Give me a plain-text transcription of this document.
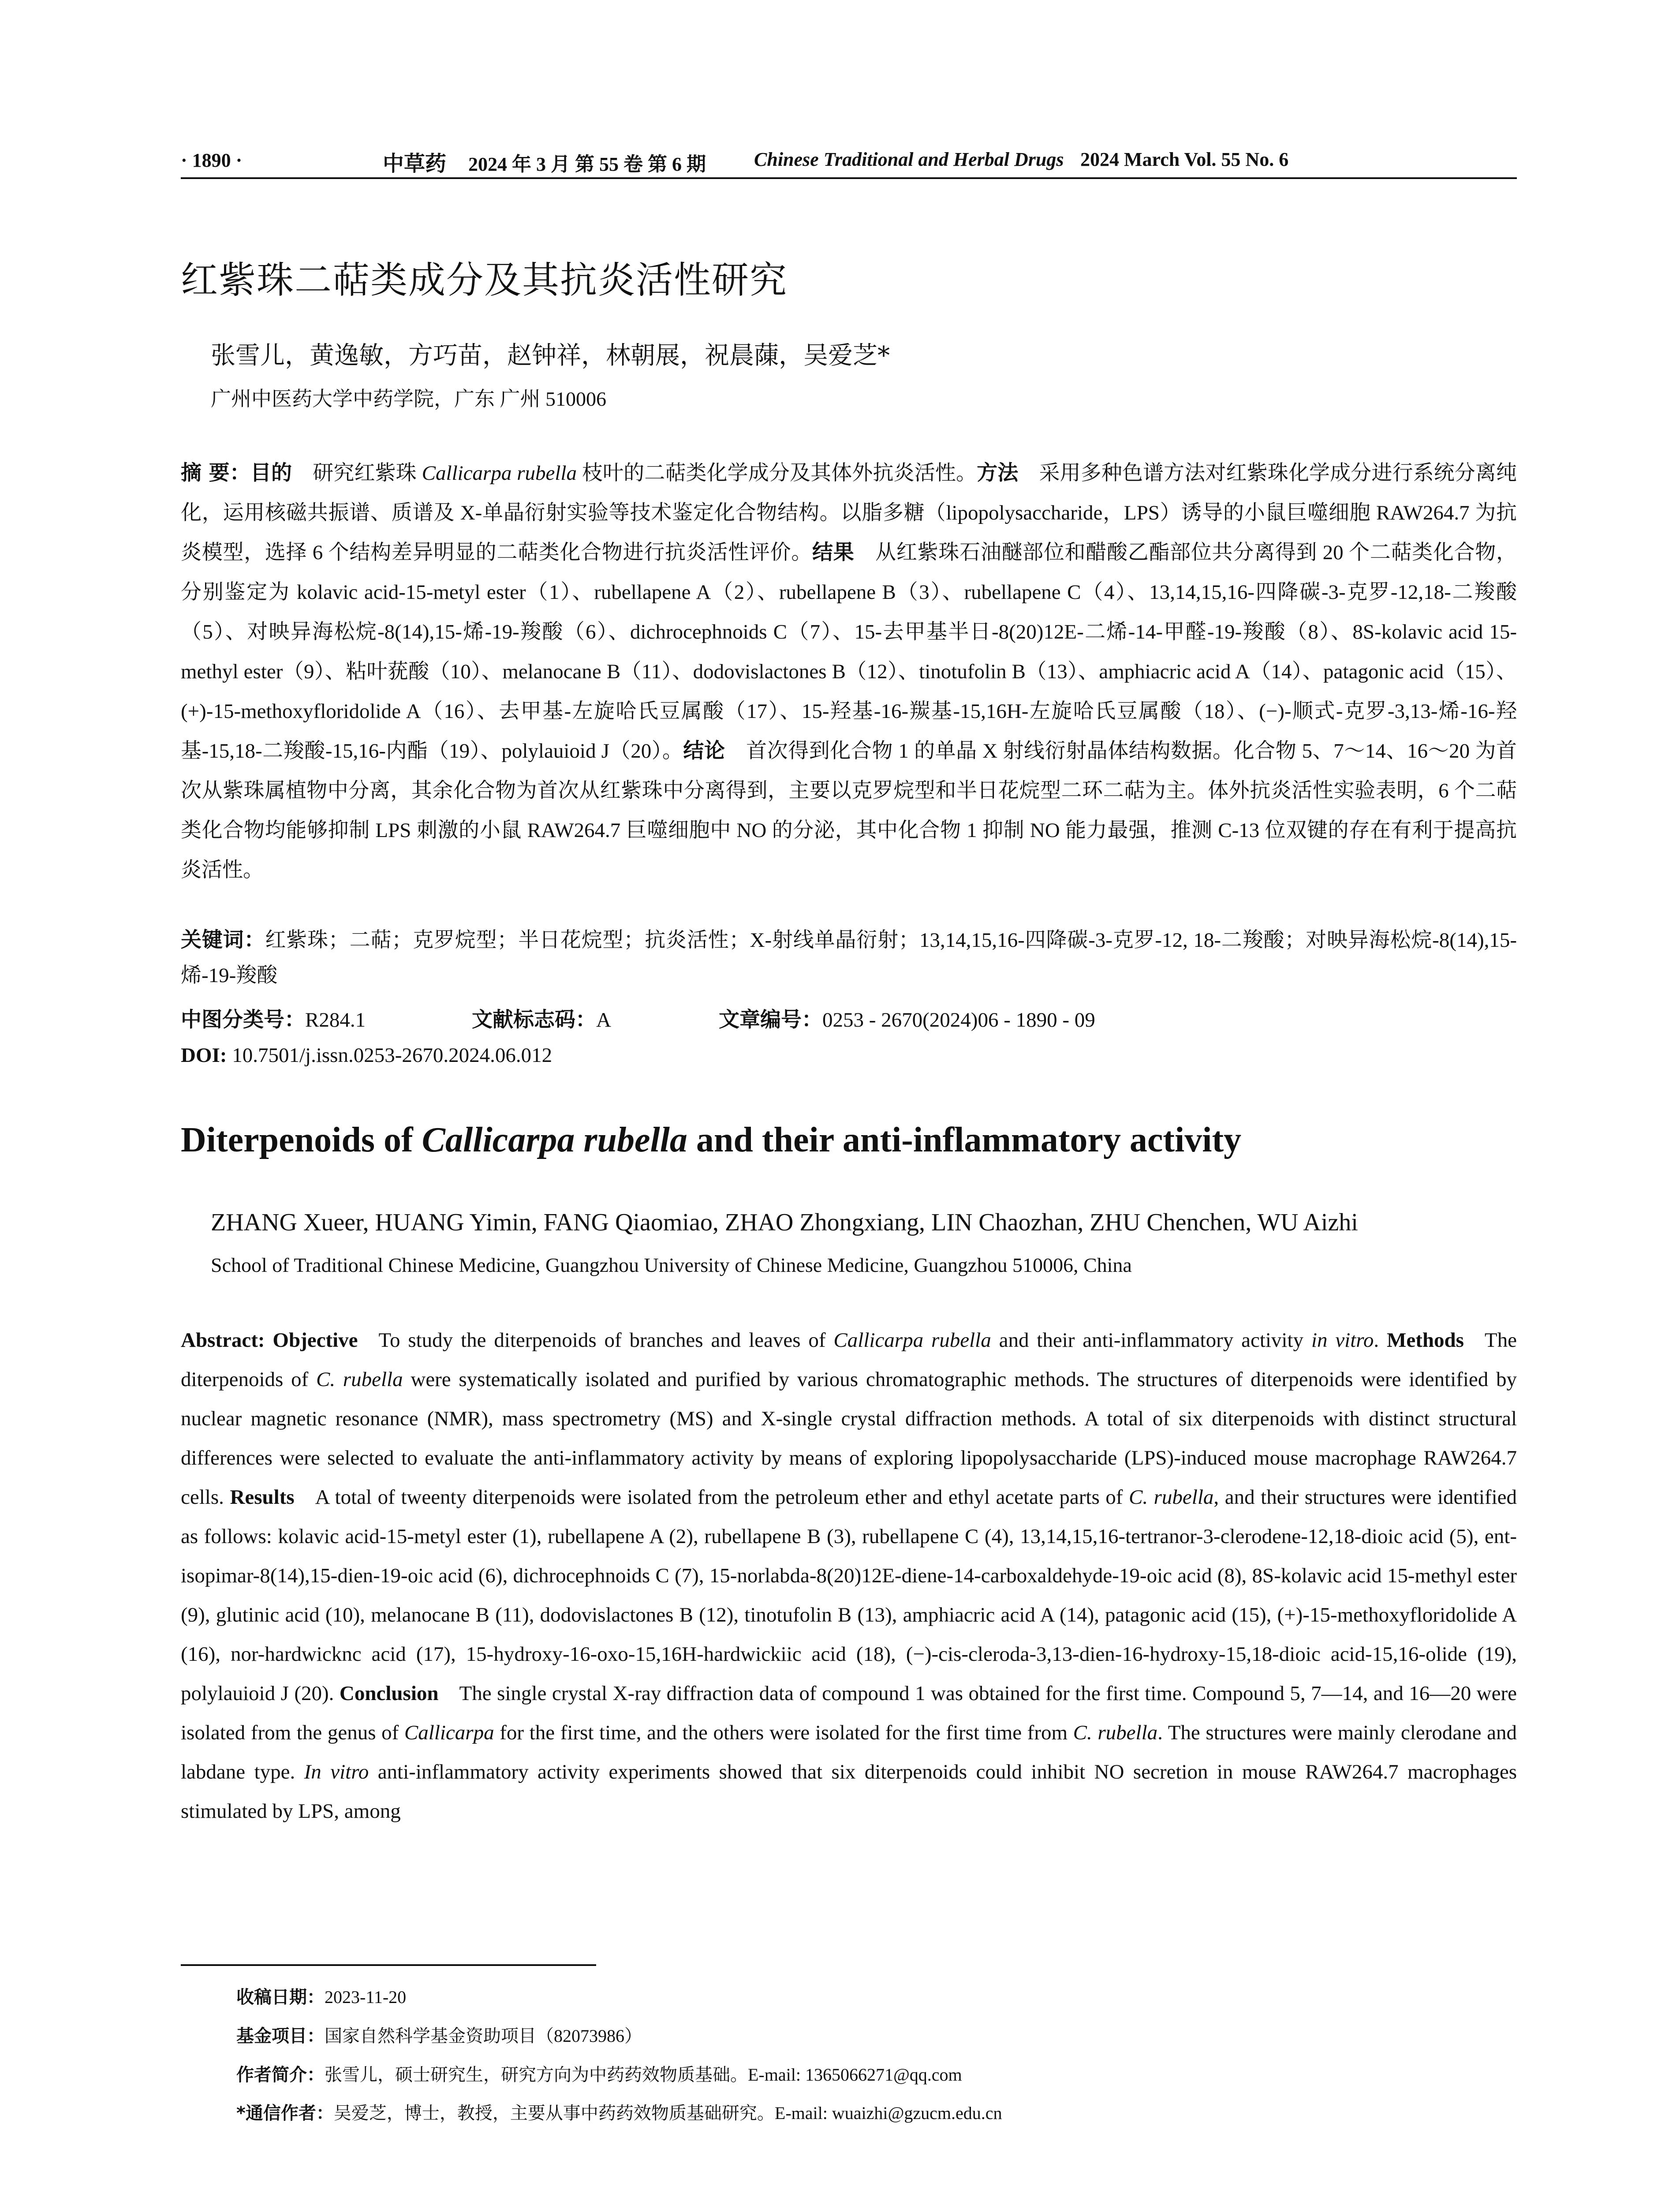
· 1890 ·	中草药 2024 年 3 月 第 55 卷 第 6 期 Chinese Traditional and Herbal Drugs 2024 March Vol. 55 No. 6
红紫珠二萜类成分及其抗炎活性研究
张雪儿，黄逸敏，方巧苗，赵钟祥，林朝展，祝晨蔯，吴爱芝*
广州中医药大学中药学院，广东 广州 510006
摘 要：目的  研究红紫珠 Callicarpa rubella 枝叶的二萜类化学成分及其体外抗炎活性。方法  采用多种色谱方法对红紫珠化学成分进行系统分离纯化，运用核磁共振谱、质谱及 X-单晶衍射实验等技术鉴定化合物结构。以脂多糖（lipopolysaccharide，LPS）诱导的小鼠巨噬细胞 RAW264.7 为抗炎模型，选择 6 个结构差异明显的二萜类化合物进行抗炎活性评价。结果  从红紫珠石油醚部位和醋酸乙酯部位共分离得到 20 个二萜类化合物，分别鉴定为 kolavic acid-15-metyl ester（1）、rubellapene A（2）、rubellapene B（3）、rubellapene C（4）、13,14,15,16-四降碳-3-克罗-12,18-二羧酸（5）、对映异海松烷-8(14),15-烯-19-羧酸（6）、dichrocephnoids C（7）、15-去甲基半日-8(20)12E-二烯-14-甲醛-19-羧酸（8）、8S-kolavic acid 15-methyl ester（9）、粘叶莸酸（10）、melanocane B（11）、dodovislactones B（12）、tinotufolin B（13）、amphiacric acid A（14）、patagonic acid（15）、(+)-15-methoxyfloridolide A（16）、去甲基-左旋哈氏豆属酸（17）、15-羟基-16-羰基-15,16H-左旋哈氏豆属酸（18）、(−)-顺式-克罗-3,13-烯-16-羟基-15,18-二羧酸-15,16-内酯（19）、polylauioid J（20）。结论  首次得到化合物 1 的单晶 X 射线衍射晶体结构数据。化合物 5、7～14、16～20 为首次从紫珠属植物中分离，其余化合物为首次从红紫珠中分离得到，主要以克罗烷型和半日花烷型二环二萜为主。体外抗炎活性实验表明，6 个二萜类化合物均能够抑制 LPS 刺激的小鼠 RAW264.7 巨噬细胞中 NO 的分泌，其中化合物 1 抑制 NO 能力最强，推测 C-13 位双键的存在有利于提高抗炎活性。
关键词：红紫珠；二萜；克罗烷型；半日花烷型；抗炎活性；X-射线单晶衍射；13,14,15,16-四降碳-3-克罗-12, 18-二羧酸；对映异海松烷-8(14),15-烯-19-羧酸
中图分类号：R284.1	文献标志码：A	文章编号：0253 - 2670(2024)06 - 1890 - 09
DOI: 10.7501/j.issn.0253-2670.2024.06.012
Diterpenoids of Callicarpa rubella and their anti-inflammatory activity
ZHANG Xueer, HUANG Yimin, FANG Qiaomiao, ZHAO Zhongxiang, LIN Chaozhan, ZHU Chenchen, WU Aizhi
School of Traditional Chinese Medicine, Guangzhou University of Chinese Medicine, Guangzhou 510006, China
Abstract: Objective  To study the diterpenoids of branches and leaves of Callicarpa rubella and their anti-inflammatory activity in vitro. Methods  The diterpenoids of C. rubella were systematically isolated and purified by various chromatographic methods. The structures of diterpenoids were identified by nuclear magnetic resonance (NMR), mass spectrometry (MS) and X-single crystal diffraction methods. A total of six diterpenoids with distinct structural differences were selected to evaluate the anti-inflammatory activity by means of exploring lipopolysaccharide (LPS)-induced mouse macrophage RAW264.7 cells. Results  A total of tweenty diterpenoids were isolated from the petroleum ether and ethyl acetate parts of C. rubella, and their structures were identified as follows: kolavic acid-15-metyl ester (1), rubellapene A (2), rubellapene B (3), rubellapene C (4), 13,14,15,16-tertranor-3-clerodene-12,18-dioic acid (5), ent-isopimar-8(14),15-dien-19-oic acid (6), dichrocephnoids C (7), 15-norlabda-8(20)12E-diene-14-carboxaldehyde-19-oic acid (8), 8S-kolavic acid 15-methyl ester (9), glutinic acid (10), melanocane B (11), dodovislactones B (12), tinotufolin B (13), amphiacric acid A (14), patagonic acid (15), (+)-15-methoxyfloridolide A (16), nor-hardwicknc acid (17), 15-hydroxy-16-oxo-15,16H-hardwickiic acid (18), (−)-cis-cleroda-3,13-dien-16-hydroxy-15,18-dioic acid-15,16-olide (19), polylauioid J (20). Conclusion  The single crystal X-ray diffraction data of compound 1 was obtained for the first time. Compound 5, 7—14, and 16—20 were isolated from the genus of Callicarpa for the first time, and the others were isolated for the first time from C. rubella. The structures were mainly clerodane and labdane type. In vitro anti-inflammatory activity experiments showed that six diterpenoids could inhibit NO secretion in mouse RAW264.7 macrophages stimulated by LPS, among
收稿日期：2023-11-20
基金项目：国家自然科学基金资助项目（82073986）
作者简介：张雪儿，硕士研究生，研究方向为中药药效物质基础。E-mail: 1365066271@qq.com
*通信作者：吴爱芝，博士，教授，主要从事中药药效物质基础研究。E-mail: wuaizhi@gzucm.edu.cn
